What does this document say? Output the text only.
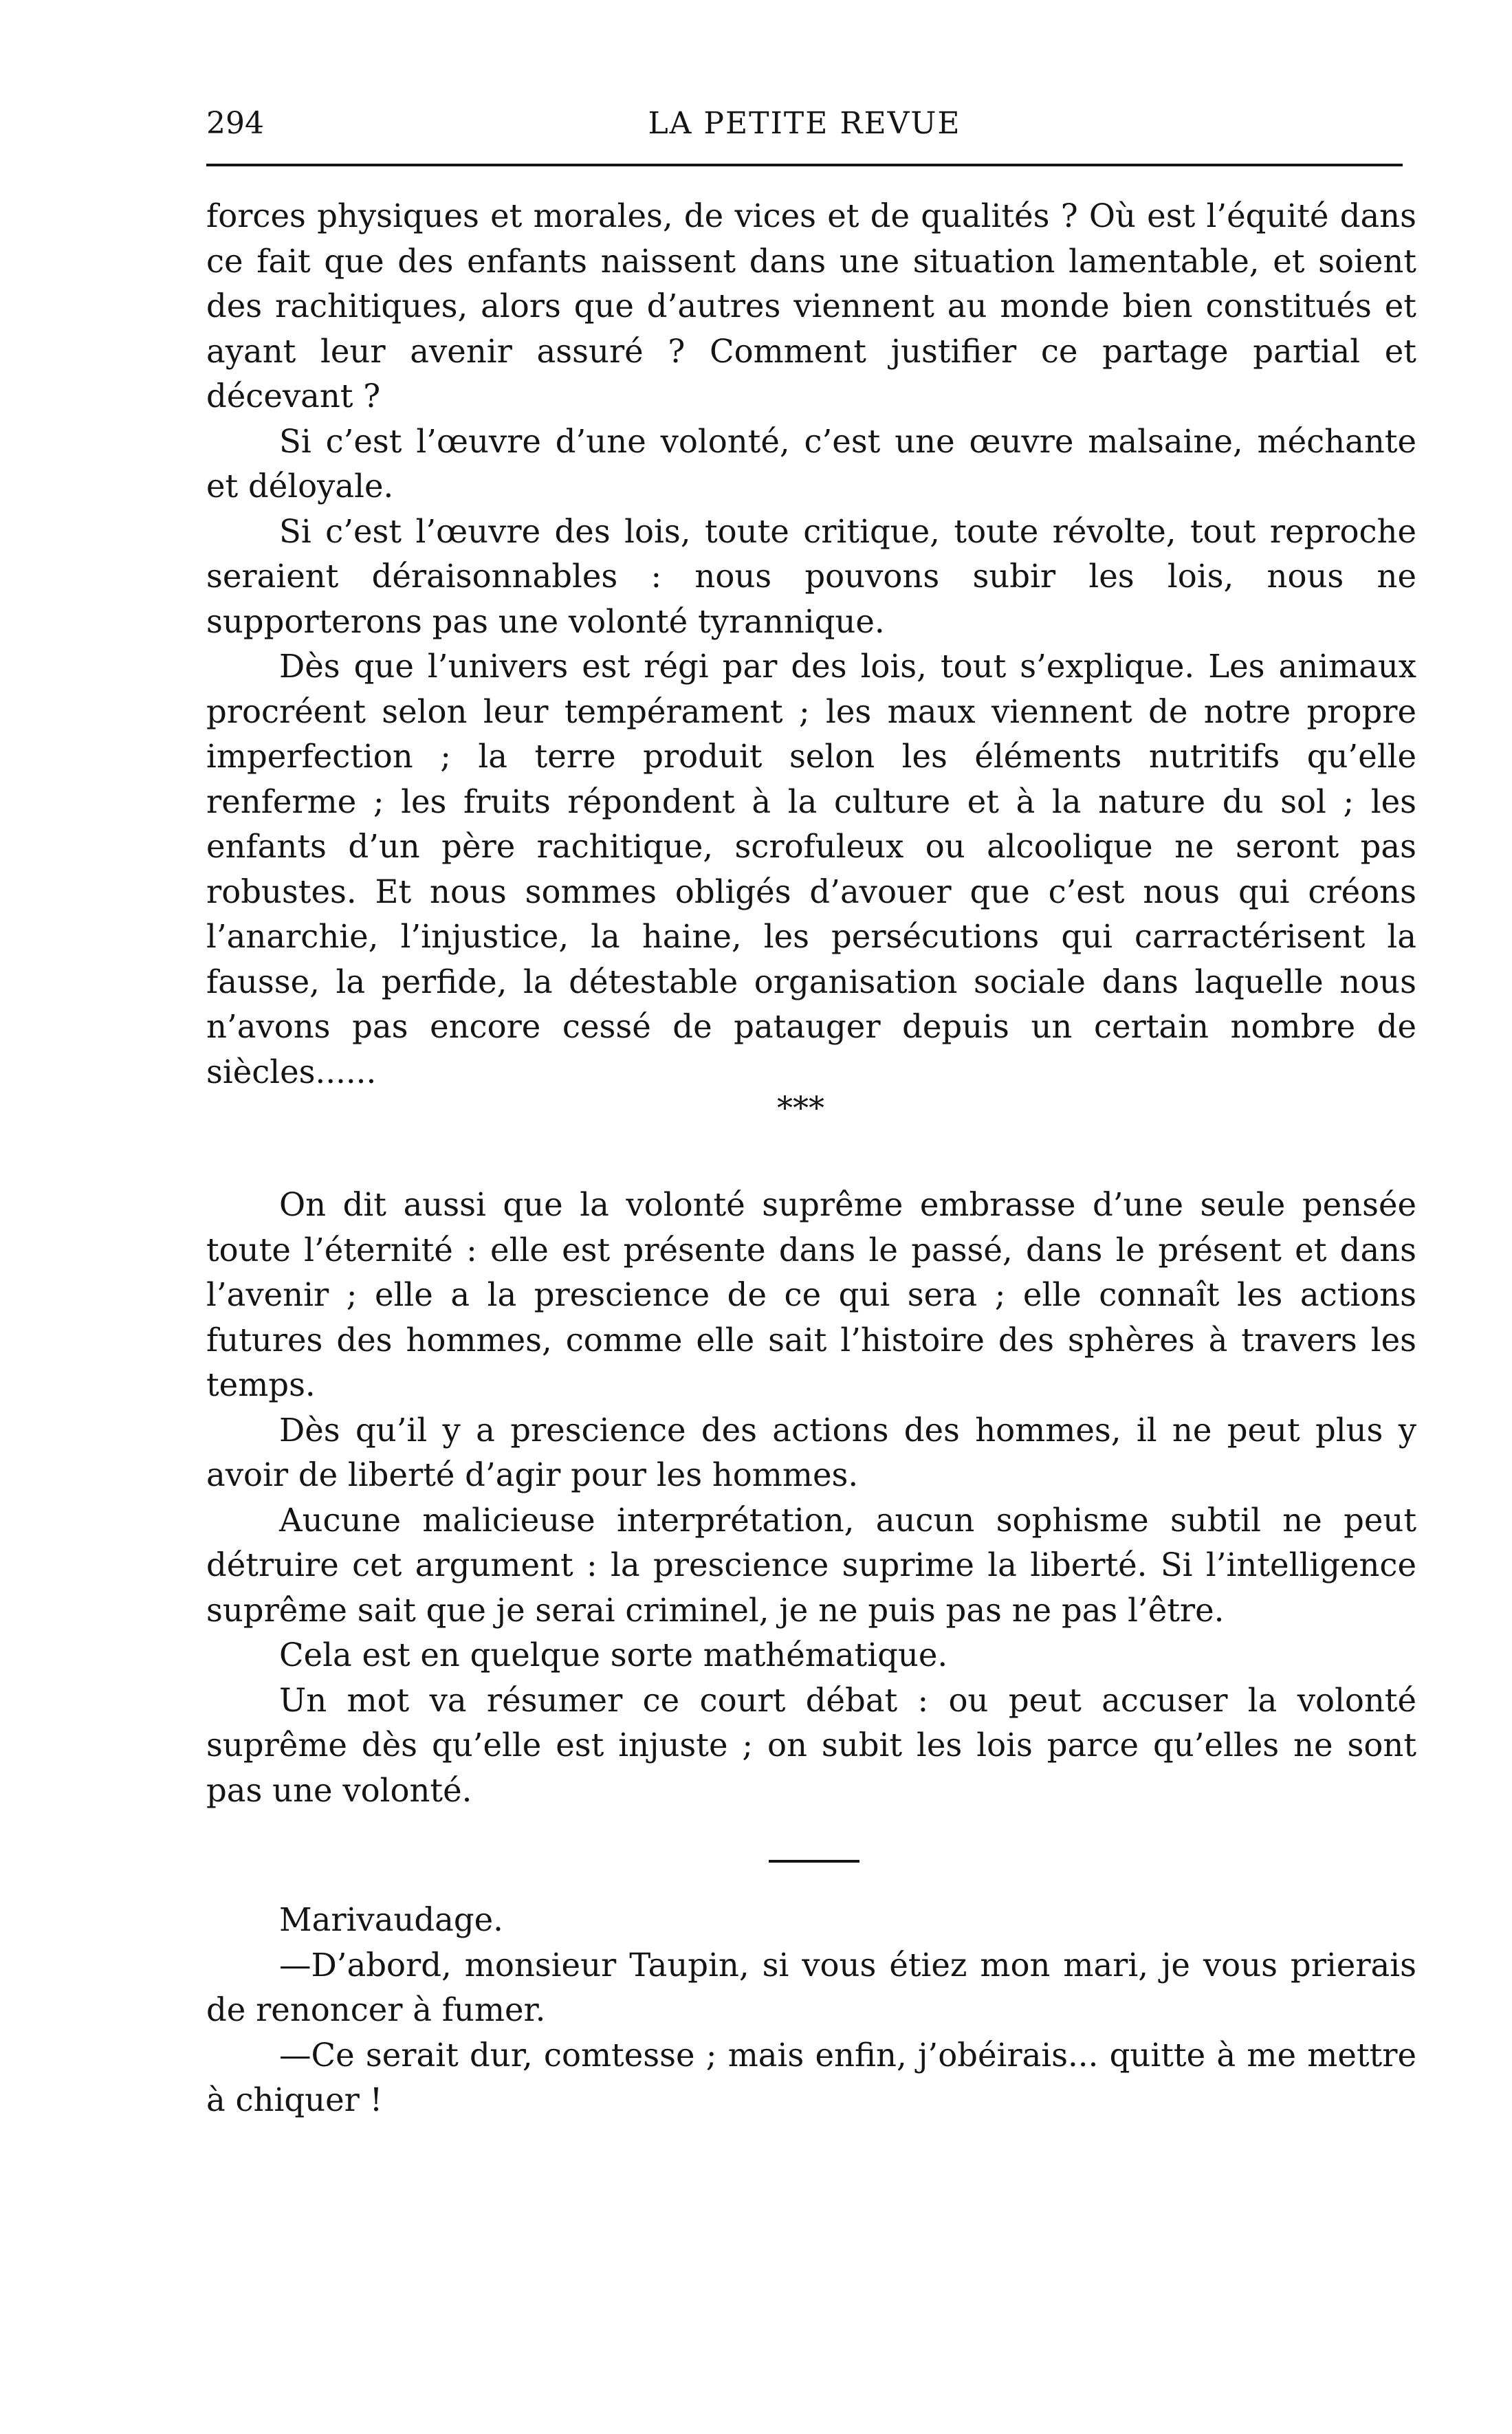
294	LA PETITE REVUE

forces physiques et morales, de vices et de qualités ? Où est l’équité dans ce fait que des enfants naissent dans une situation lamentable, et soient des rachitiques, alors que d’autres viennent au monde bien constitués et ayant leur avenir assuré ? Comment justifier ce partage partial et décevant ?

Si c’est l’œuvre d’une volonté, c’est une œuvre malsaine, méchante et déloyale.

Si c’est l’œuvre des lois, toute critique, toute révolte, tout reproche seraient déraisonnables : nous pouvons subir les lois, nous ne supporterons pas une volonté tyrannique.

Dès que l’univers est régi par des lois, tout s’explique. Les animaux procréent selon leur tempérament ; les maux viennent de notre propre imperfection ; la terre produit selon les éléments nutritifs qu’elle renferme ; les fruits répondent à la culture et à la nature du sol ; les enfants d’un père rachitique, scrofuleux ou alcoolique ne seront pas robustes. Et nous sommes obligés d’avouer que c’est nous qui créons l’anarchie, l’injustice, la haine, les persécutions qui carractérisent la fausse, la perfide, la détestable organisation sociale dans laquelle nous n’avons pas encore cessé de patauger depuis un certain nombre de siècles......

***

On dit aussi que la volonté suprême embrasse d’une seule pensée toute l’éternité : elle est présente dans le passé, dans le présent et dans l’avenir ; elle a la prescience de ce qui sera ; elle connaît les actions futures des hommes, comme elle sait l’histoire des sphères à travers les temps.

Dès qu’il y a prescience des actions des hommes, il ne peut plus y avoir de liberté d’agir pour les hommes.

Aucune malicieuse interprétation, aucun sophisme subtil ne peut détruire cet argument : la prescience suprime la liberté. Si l’intelligence suprême sait que je serai criminel, je ne puis pas ne pas l’être.

Cela est en quelque sorte mathématique.

Un mot va résumer ce court débat : ou peut accuser la volonté suprême dès qu’elle est injuste ; on subit les lois parce qu’elles ne sont pas une volonté.

Marivaudage.

—D’abord, monsieur Taupin, si vous étiez mon mari, je vous prierais de renoncer à fumer.

—Ce serait dur, comtesse ; mais enfin, j’obéirais... quitte à me mettre à chiquer !
